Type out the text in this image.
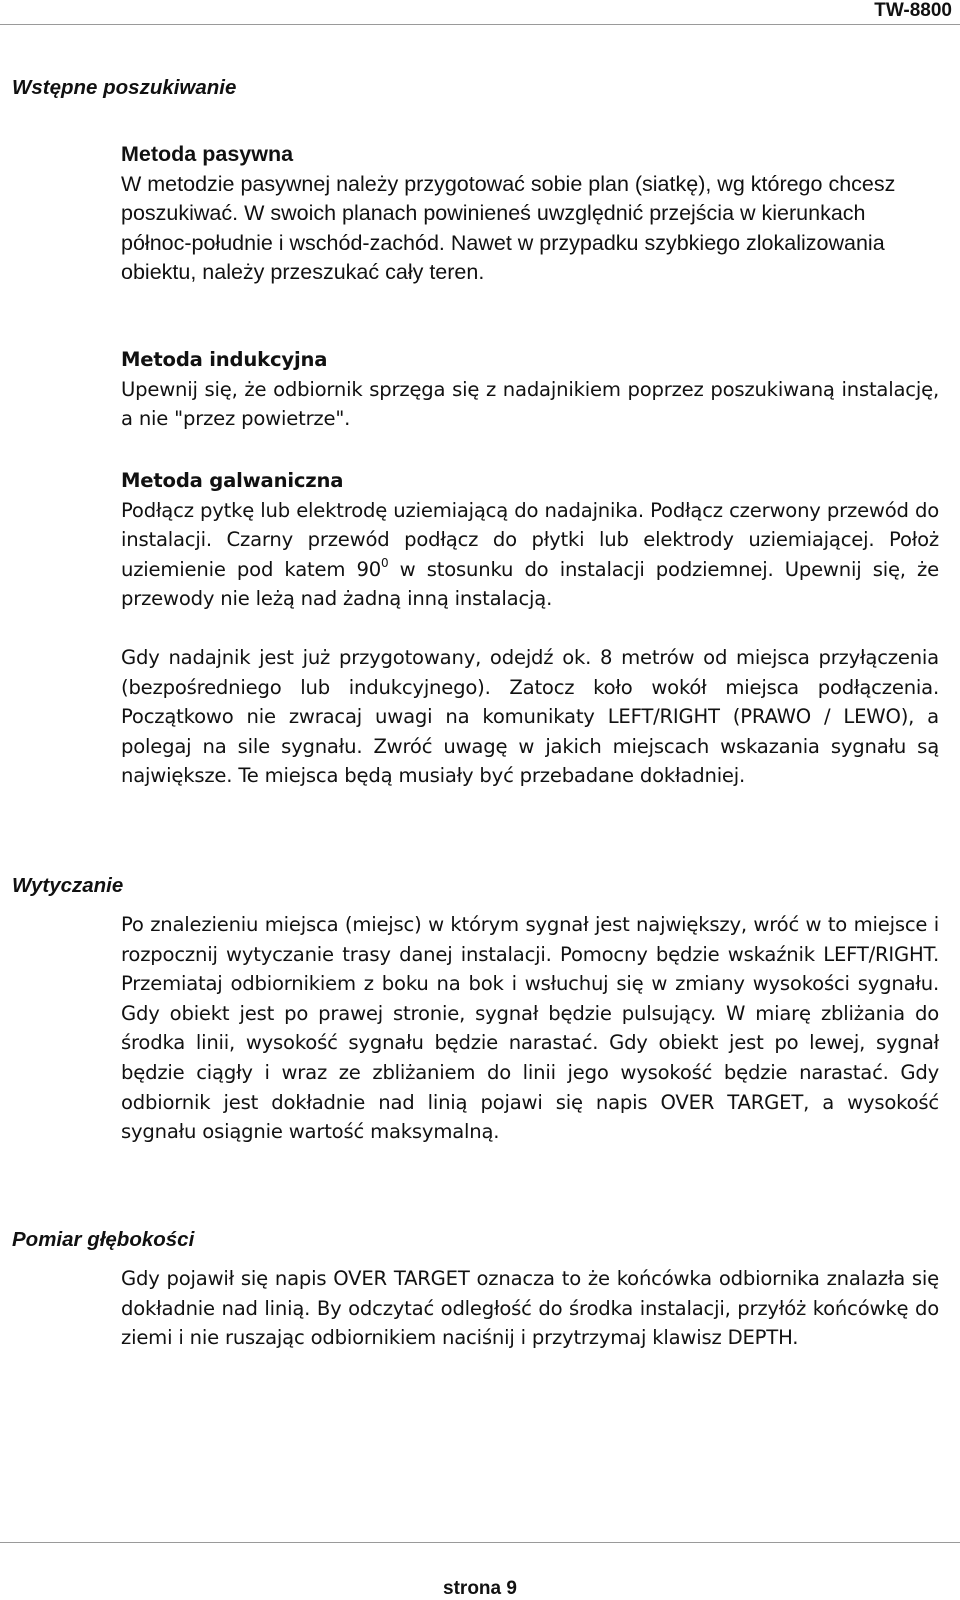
TW-8800
Wstępne poszukiwanie
Metoda pasywna
W metodzie pasywnej należy przygotować sobie plan (siatkę), wg którego chcesz poszukiwać. W swoich planach powinieneś uwzględnić przejścia w kierunkach północ-południe i wschód-zachód. Nawet w przypadku szybkiego zlokalizowania obiektu, należy przeszukać cały teren.
Metoda indukcyjna
Upewnij się, że odbiornik sprzęga się z nadajnikiem poprzez poszukiwaną instalację, a nie "przez powietrze".
Metoda galwaniczna
Podłącz pytkę lub elektrodę uziemiającą do nadajnika. Podłącz czerwony przewód do instalacji. Czarny przewód podłącz do płytki lub elektrody uziemiającej. Położ uziemienie pod katem $90^0$ w stosunku do instalacji podziemnej. Upewnij się, że przewody nie leżą nad żadną inną instalacją.
Gdy nadajnik jest już przygotowany, odejdź ok. 8 metrów od miejsca przyłączenia (bezpośredniego lub indukcyjnego). Zatocz koło wokół miejsca podłączenia. Początkowo nie zwracaj uwagi na komunikaty LEFT/RIGHT (PRAWO / LEWO), a polegaj na sile sygnału. Zwróć uwagę w jakich miejscach wskazania sygnału są największe. Te miejsca będą musiały być przebadane dokładniej.
Wytyczanie
Po znalezieniu miejsca (miejsc) w którym sygnał jest największy, wróć w to miejsce i rozpocznij wytyczanie trasy danej instalacji. Pomocny będzie wskaźnik LEFT/RIGHT. Przemiataj odbiornikiem z boku na bok i wsłuchuj się w zmiany wysokości sygnału. Gdy obiekt jest po prawej stronie, sygnał będzie pulsujący. W miarę zbliżania do środka linii, wysokość sygnału będzie narastać. Gdy obiekt jest po lewej, sygnał będzie ciągły i wraz ze zbliżaniem do linii jego wysokość będzie narastać. Gdy odbiornik jest dokładnie nad linią pojawi się napis OVER TARGET, a wysokość sygnału osiągnie wartość maksymalną.
Pomiar głębokości
Gdy pojawił się napis OVER TARGET oznacza to że końcówka odbiornika znalazła się dokładnie nad linią. By odczytać odległość do środka instalacji, przyłóż końcówkę do ziemi i nie ruszając odbiornikiem naciśnij i przytrzymaj klawisz DEPTH.
strona 9
